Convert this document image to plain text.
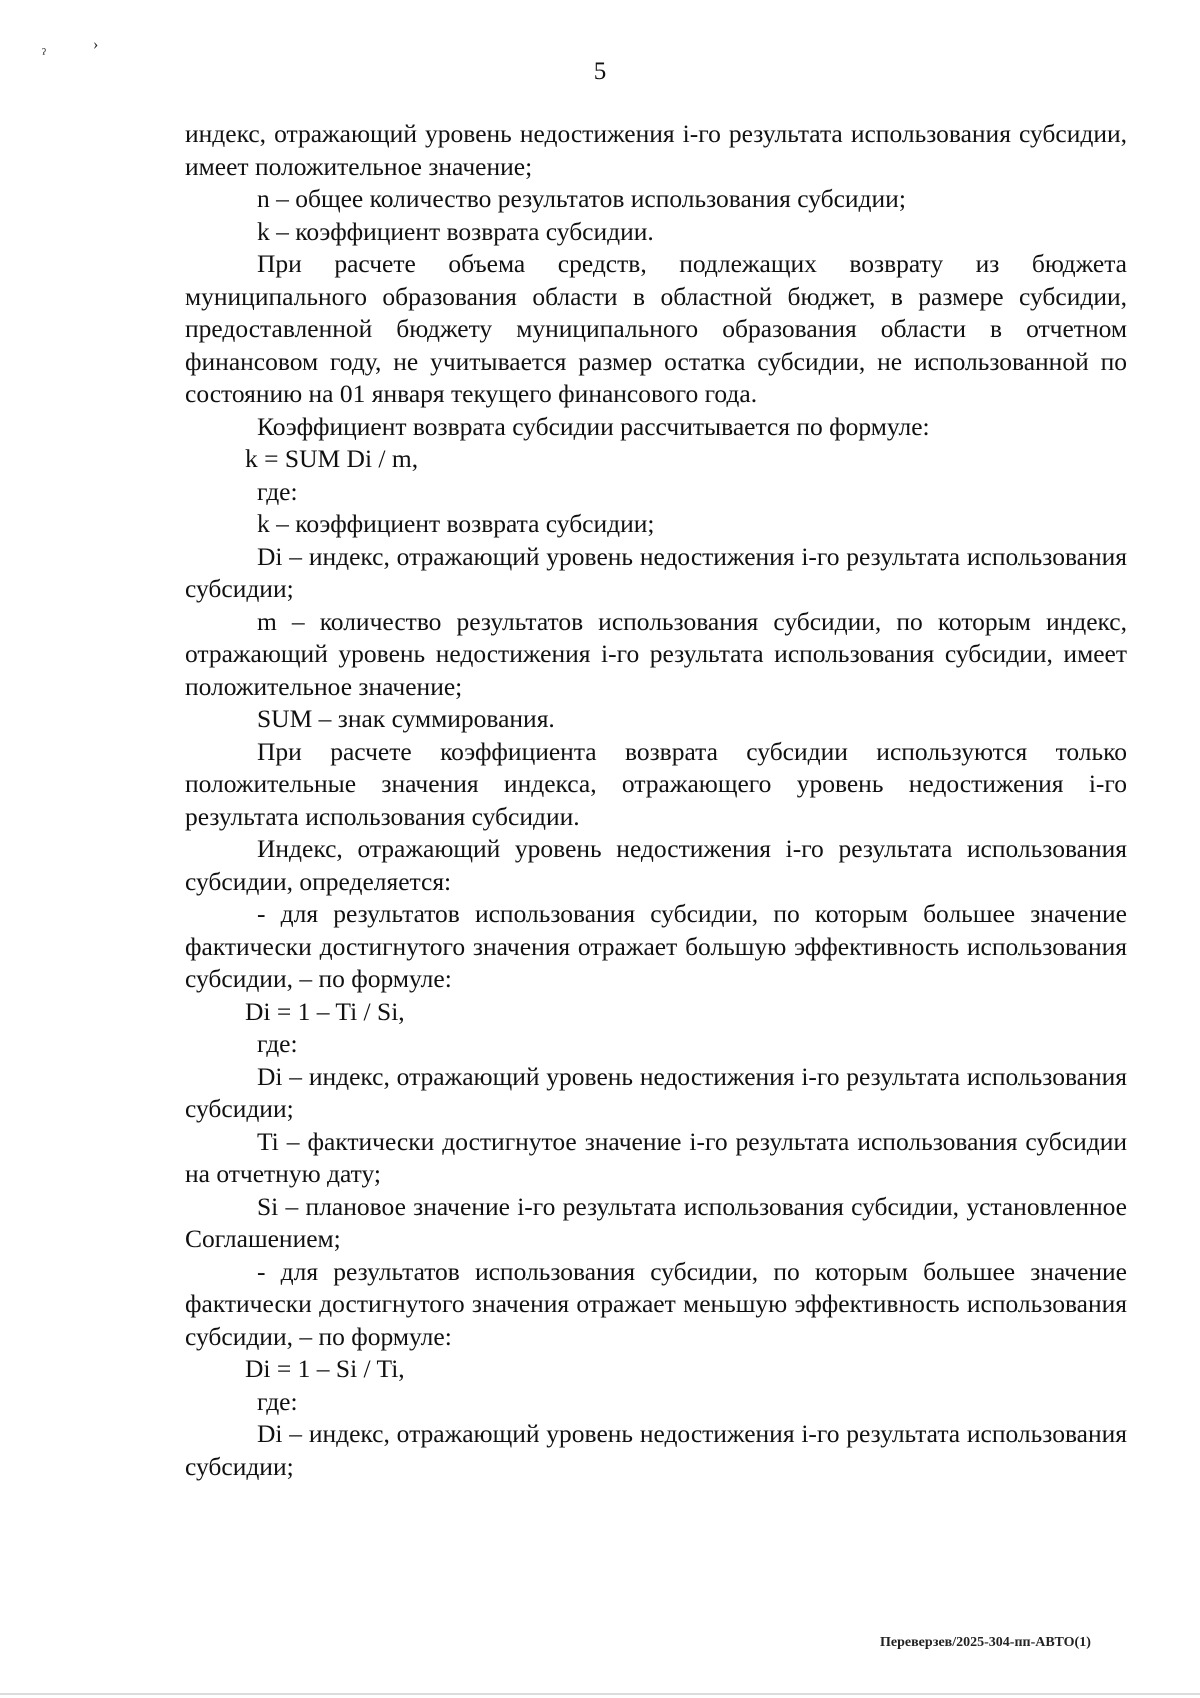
ˀ
›
5

индекс, отражающий уровень недостижения i-го результата использования субсидии, имеет положительное значение;

n – общее количество результатов использования субсидии;

k – коэффициент возврата субсидии.

При расчете объема средств, подлежащих возврату из бюджета муниципального образования области в областной бюджет, в размере субсидии, предоставленной бюджету муниципального образования области в отчетном финансовом году, не учитывается размер остатка субсидии, не использованной по состоянию на 01 января текущего финансового года.

Коэффициент возврата субсидии рассчитывается по формуле:

k = SUM Di / m,

где:

k – коэффициент возврата субсидии;

Di – индекс, отражающий уровень недостижения i-го результата использования субсидии;

m – количество результатов использования субсидии, по которым индекс, отражающий уровень недостижения i-го результата использования субсидии, имеет положительное значение;

SUM – знак суммирования.

При расчете коэффициента возврата субсидии используются только положительные значения индекса, отражающего уровень недостижения i-го результата использования субсидии.

Индекс, отражающий уровень недостижения i-го результата использования субсидии, определяется:

- для результатов использования субсидии, по которым большее значение фактически достигнутого значения отражает большую эффективность использования субсидии, – по формуле:

Di = 1 – Ti / Si,

где:

Di – индекс, отражающий уровень недостижения i-го результата использования субсидии;

Ti – фактически достигнутое значение i-го результата использования субсидии на отчетную дату;

Si – плановое значение i-го результата использования субсидии, установленное Соглашением;

- для результатов использования субсидии, по которым большее значение фактически достигнутого значения отражает меньшую эффективность использования субсидии, – по формуле:

Di = 1 – Si / Ti,

где:

Di – индекс, отражающий уровень недостижения i-го результата использования субсидии;

Переверзев/2025-304-пп-АВТО(1)
